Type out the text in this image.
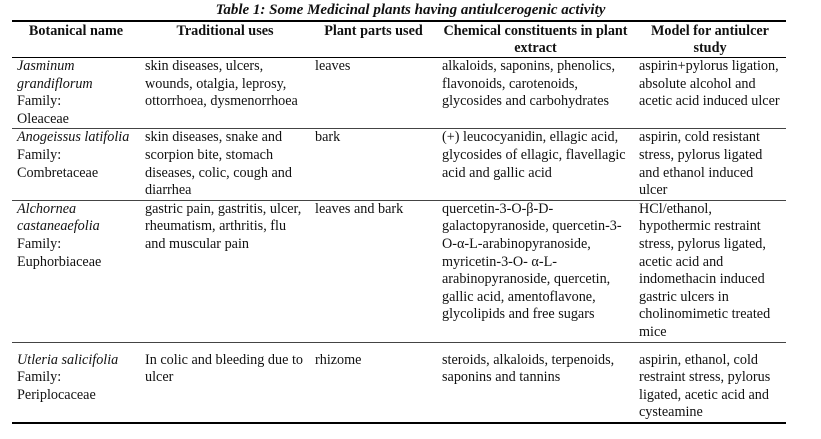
Table 1: Some Medicinal plants having antiulcerogenic activity
Botanical name	Traditional uses	Plant parts used	Chemical constituents in plant extract	Model for antiulcer study

Jasminum grandiflorum
Family:
Oleaceae	skin diseases, ulcers, wounds, otalgia, leprosy, ottorrhoea, dysmenorrhoea	leaves	alkaloids, saponins, phenolics, flavonoids, carotenoids, glycosides and carbohydrates	aspirin+pylorus ligation, absolute alcohol and acetic acid induced ulcer

Anogeissus latifolia
Family:
Combretaceae	skin diseases, snake and scorpion bite, stomach diseases, colic, cough and diarrhea	bark	(+) leucocyanidin, ellagic acid, glycosides of ellagic, flavellagic acid and gallic acid	aspirin, cold resistant stress, pylorus ligated and ethanol induced ulcer

Alchornea castaneaefolia
Family:
Euphorbiaceae	gastric pain, gastritis, ulcer, rheumatism, arthritis, flu and muscular pain	leaves and bark	quercetin-3-O-β-D-galactopyranoside, quercetin-3-O-α-L-arabinopyranoside, myricetin-3-O- α-L-arabinopyranoside, quercetin, gallic acid, amentoflavone, glycolipids and free sugars	HCl/ethanol, hypothermic restraint stress, pylorus ligated, acetic acid and indomethacin induced gastric ulcers in cholinomimetic treated mice

Utleria salicifolia
Family:
Periplocaceae	In colic and bleeding due to ulcer	rhizome	steroids, alkaloids, terpenoids, saponins and tannins	aspirin, ethanol, cold restraint stress, pylorus ligated, acetic acid and cysteamine
